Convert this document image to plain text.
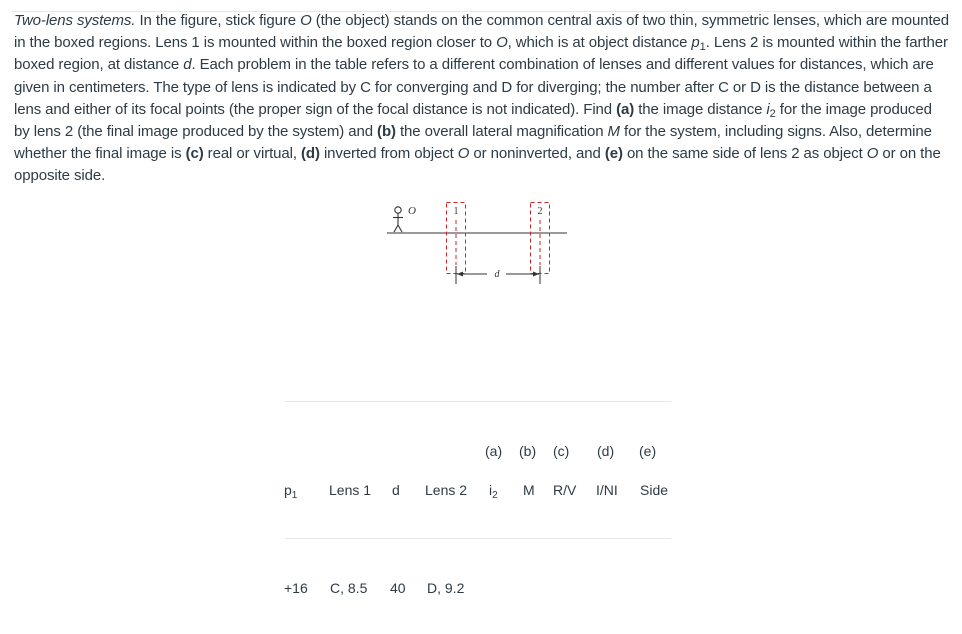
Two-lens systems. In the figure, stick figure O (the object) stands on the common central axis of two thin, symmetric lenses, which are mounted in the boxed regions. Lens 1 is mounted within the boxed region closer to O, which is at object distance $p_1$. Lens 2 is mounted within the farther boxed region, at distance d. Each problem in the table refers to a different combination of lenses and different values for distances, which are given in centimeters. The type of lens is indicated by C for converging and D for diverging; the number after C or D is the distance between a lens and either of its focal points (the proper sign of the focal distance is not indicated). Find (a) the image distance $i_2$ for the image produced by lens 2 (the final image produced by the system) and (b) the overall lateral magnification M for the system, including signs. Also, determine whether the final image is (c) real or virtual, (d) inverted from object O or noninverted, and (e) on the same side of lens 2 as object O or on the opposite side.

O	1	2
d
(a) (b) (c) (d) (e)
$p_1$ Lens 1 d Lens 2 $i_2$ M R/V I/NI Side
+16 C, 8.5 40 D, 9.2
